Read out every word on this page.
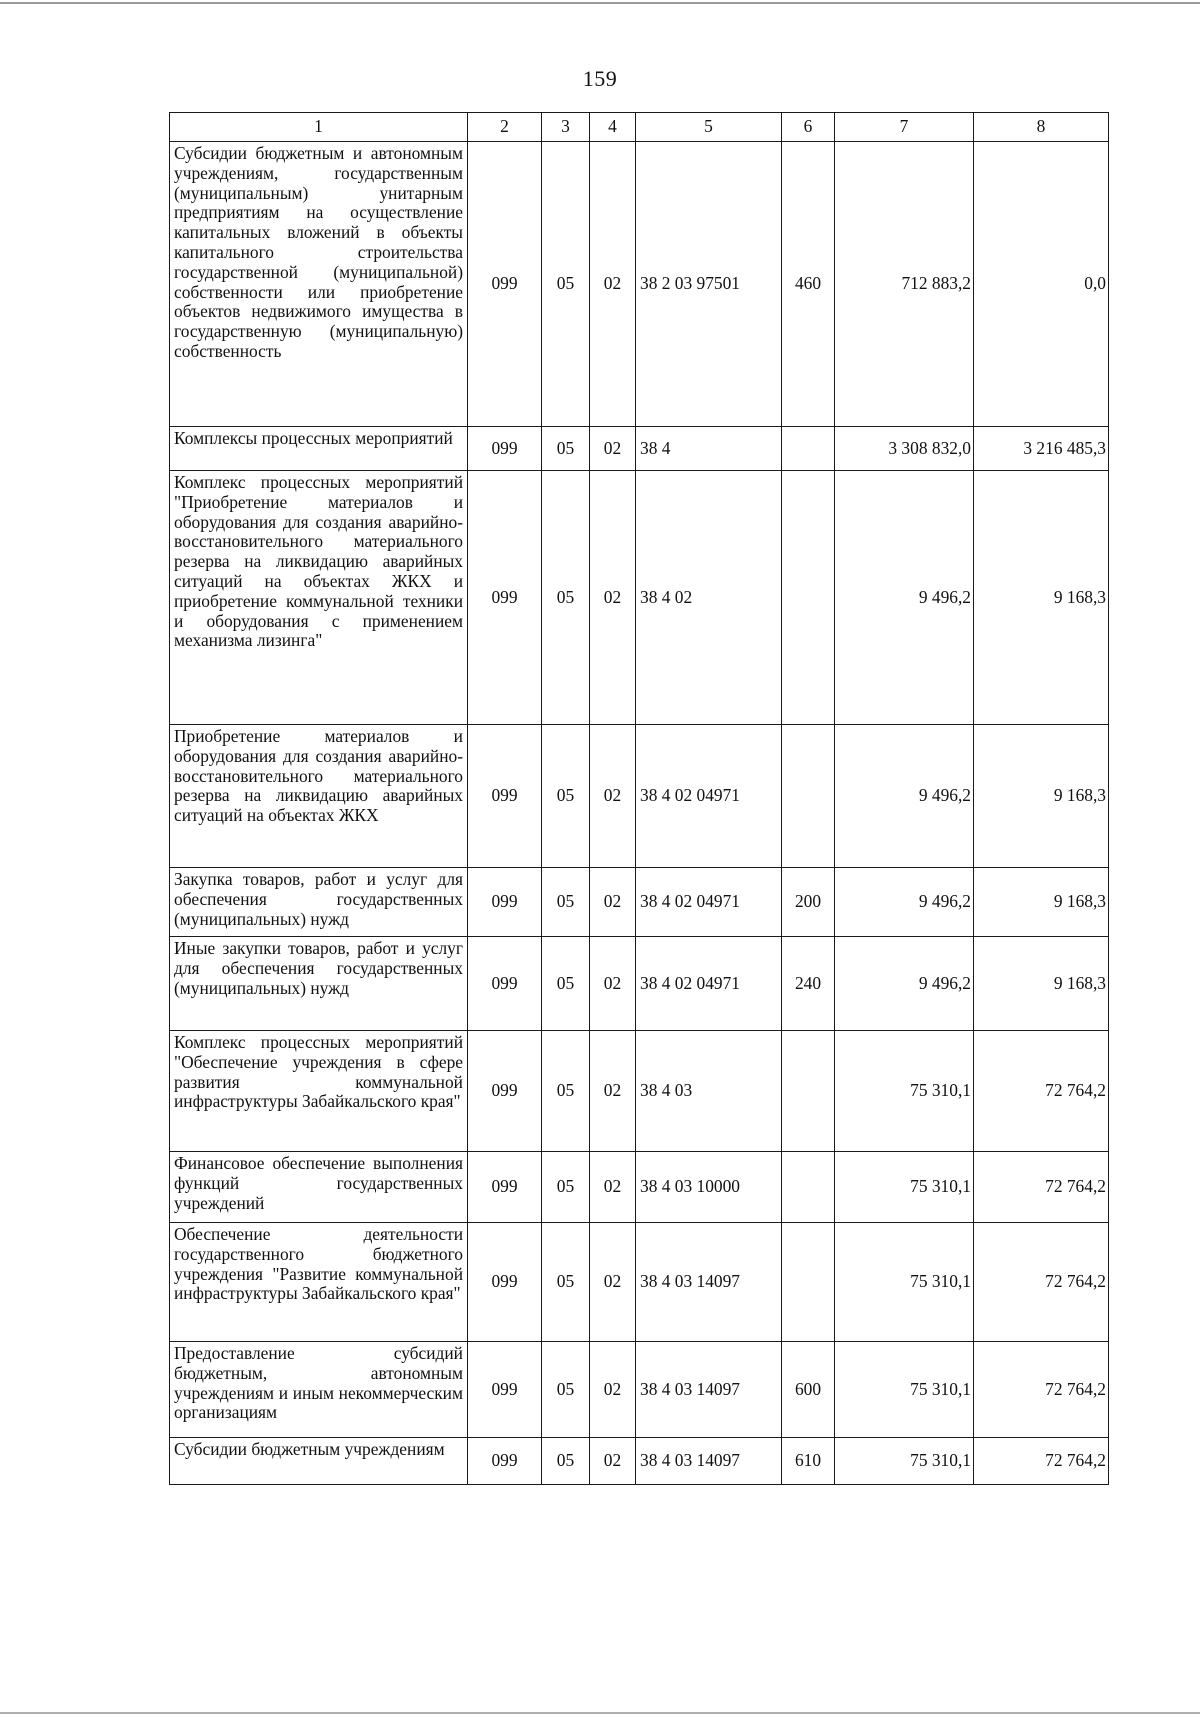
159
1	2	3	4	5	6	7	8
Субсидии бюджетным и автономным учреждениям, государственным (муниципальным) унитарным предприятиям на осуществление капитальных вложений в объекты капитального строительства государственной (муниципальной) собственности или приобретение объектов недвижимого имущества в государственную (муниципальную) собственность	099	05	02	38 2 03 97501	460	712 883,2	0,0
Комплексы процессных мероприятий	099	05	02	38 4		3 308 832,0	3 216 485,3
Комплекс процессных мероприятий "Приобретение материалов и оборудования для создания аварийно-восстановительного материального резерва на ликвидацию аварийных ситуаций на объектах ЖКХ и приобретение коммунальной техники и оборудования с применением механизма лизинга"	099	05	02	38 4 02		9 496,2	9 168,3
Приобретение материалов и оборудования для создания аварийно-восстановительного материального резерва на ликвидацию аварийных ситуаций на объектах ЖКХ	099	05	02	38 4 02 04971		9 496,2	9 168,3
Закупка товаров, работ и услуг для обеспечения государственных (муниципальных) нужд	099	05	02	38 4 02 04971	200	9 496,2	9 168,3
Иные закупки товаров, работ и услуг для обеспечения государственных (муниципальных) нужд	099	05	02	38 4 02 04971	240	9 496,2	9 168,3
Комплекс процессных мероприятий "Обеспечение учреждения в сфере развития коммунальной инфраструктуры Забайкальского края"	099	05	02	38 4 03		75 310,1	72 764,2
Финансовое обеспечение выполнения функций государственных учреждений	099	05	02	38 4 03 10000		75 310,1	72 764,2
Обеспечение деятельности государственного бюджетного учреждения "Развитие коммунальной инфраструктуры Забайкальского края"	099	05	02	38 4 03 14097		75 310,1	72 764,2
Предоставление субсидий бюджетным, автономным учреждениям и иным некоммерческим организациям	099	05	02	38 4 03 14097	600	75 310,1	72 764,2
Субсидии бюджетным учреждениям	099	05	02	38 4 03 14097	610	75 310,1	72 764,2
